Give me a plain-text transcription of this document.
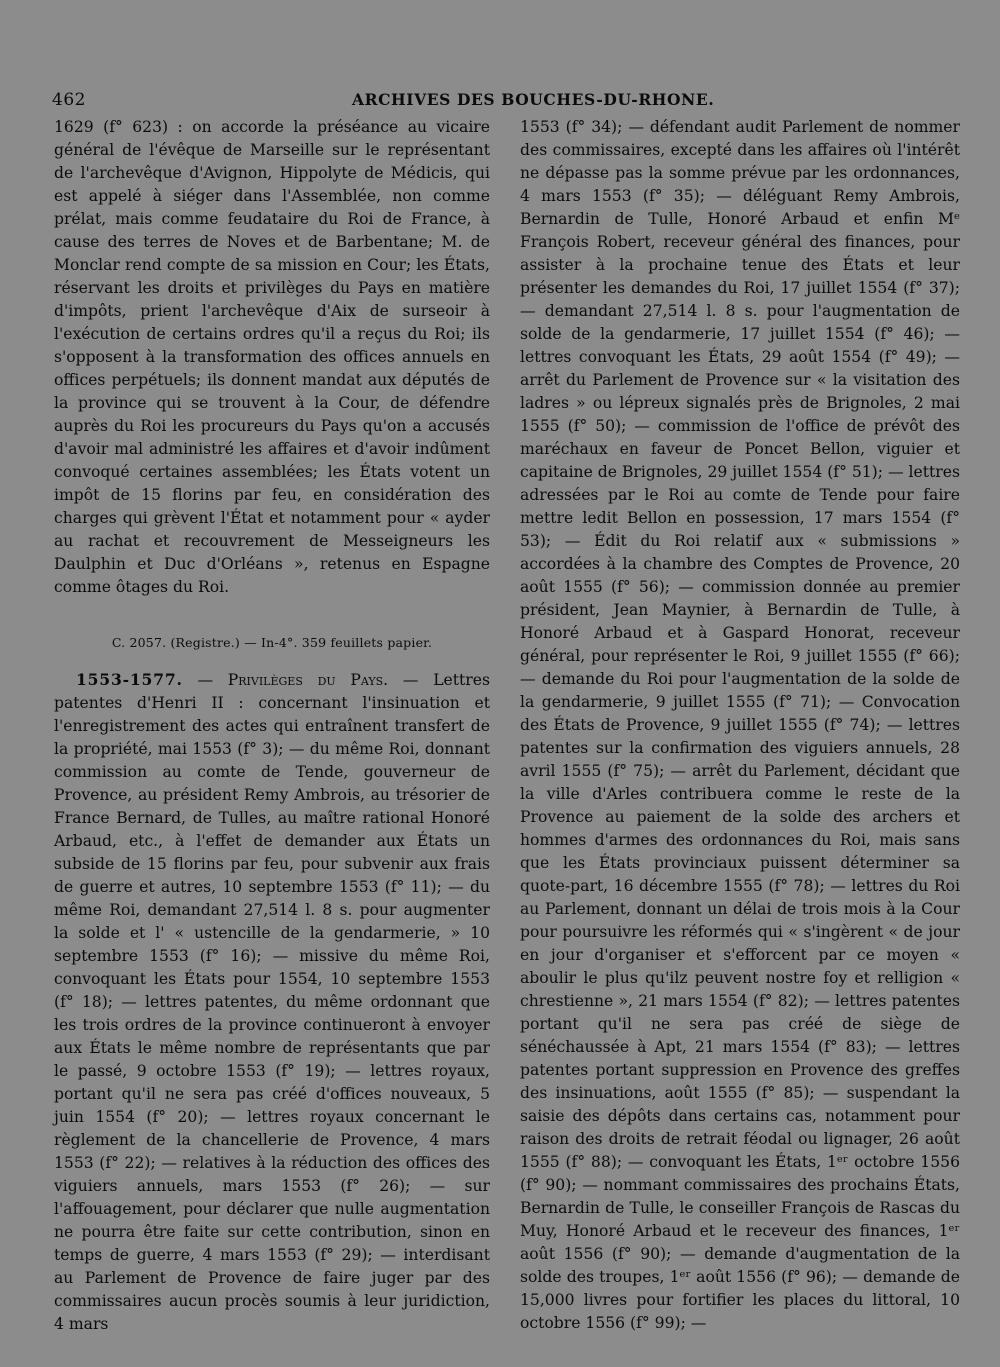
462	ARCHIVES DES BOUCHES-DU-RHONE.

1629 (f° 623) : on accorde la préséance au vicaire général de l'évêque de Marseille sur le représentant de l'archevêque d'Avignon, Hippolyte de Médicis, qui est appelé à siéger dans l'Assemblée, non comme prélat, mais comme feudataire du Roi de France, à cause des terres de Noves et de Barbentane; M. de Monclar rend compte de sa mission en Cour; les États, réservant les droits et privilèges du Pays en matière d'impôts, prient l'archevêque d'Aix de surseoir à l'exécution de certains ordres qu'il a reçus du Roi; ils s'opposent à la transformation des offices annuels en offices perpétuels; ils donnent mandat aux députés de la province qui se trouvent à la Cour, de défendre auprès du Roi les procureurs du Pays qu'on a accusés d'avoir mal administré les affaires et d'avoir indûment convoqué certaines assemblées; les États votent un impôt de 15 florins par feu, en considération des charges qui grèvent l'État et notamment pour « ayder au rachat et recouvrement de Messeigneurs les Daulphin et Duc d'Orléans », retenus en Espagne comme ôtages du Roi.

C. 2057. (Registre.) — In-4°. 359 feuillets papier.

1553-1577. — Privilèges du Pays. — Lettres patentes d'Henri II : concernant l'insinuation et l'enregistrement des actes qui entraînent transfert de la propriété, mai 1553 (f° 3); — du même Roi, donnant commission au comte de Tende, gouverneur de Provence, au président Remy Ambrois, au trésorier de France Bernard, de Tulles, au maître rational Honoré Arbaud, etc., à l'effet de demander aux États un subside de 15 florins par feu, pour subvenir aux frais de guerre et autres, 10 septembre 1553 (f° 11); — du même Roi, demandant 27,514 l. 8 s. pour augmenter la solde et l' « ustencille de la gendarmerie, » 10 septembre 1553 (f° 16); — missive du même Roi, convoquant les États pour 1554, 10 septembre 1553 (f° 18); — lettres patentes, du même ordonnant que les trois ordres de la province continueront à envoyer aux États le même nombre de représentants que par le passé, 9 octobre 1553 (f° 19); — lettres royaux, portant qu'il ne sera pas créé d'offices nouveaux, 5 juin 1554 (f° 20); — lettres royaux concernant le règlement de la chancellerie de Provence, 4 mars 1553 (f° 22); — relatives à la réduction des offices des viguiers annuels, mars 1553 (f° 26); — sur l'affouagement, pour déclarer que nulle augmentation ne pourra être faite sur cette contribution, sinon en temps de guerre, 4 mars 1553 (f° 29); — interdisant au Parlement de Provence de faire juger par des commissaires aucun procès soumis à leur juridiction, 4 mars

1553 (f° 34); — défendant audit Parlement de nommer des commissaires, excepté dans les affaires où l'intérêt ne dépasse pas la somme prévue par les ordonnances, 4 mars 1553 (f° 35); — déléguant Remy Ambrois, Bernardin de Tulle, Honoré Arbaud et enfin Mᵉ François Robert, receveur général des finances, pour assister à la prochaine tenue des États et leur présenter les demandes du Roi, 17 juillet 1554 (f° 37); — demandant 27,514 l. 8 s. pour l'augmentation de solde de la gendarmerie, 17 juillet 1554 (f° 46); — lettres convoquant les États, 29 août 1554 (f° 49); — arrêt du Parlement de Provence sur « la visitation des ladres » ou lépreux signalés près de Brignoles, 2 mai 1555 (f° 50); — commission de l'office de prévôt des maréchaux en faveur de Poncet Bellon, viguier et capitaine de Brignoles, 29 juillet 1554 (f° 51); — lettres adressées par le Roi au comte de Tende pour faire mettre ledit Bellon en possession, 17 mars 1554 (f° 53); — Édit du Roi relatif aux « submissions » accordées à la chambre des Comptes de Provence, 20 août 1555 (f° 56); — commission donnée au premier président, Jean Maynier, à Bernardin de Tulle, à Honoré Arbaud et à Gaspard Honorat, receveur général, pour représenter le Roi, 9 juillet 1555 (f° 66); — demande du Roi pour l'augmentation de la solde de la gendarmerie, 9 juillet 1555 (f° 71); — Convocation des États de Provence, 9 juillet 1555 (f° 74); — lettres patentes sur la confirmation des viguiers annuels, 28 avril 1555 (f° 75); — arrêt du Parlement, décidant que la ville d'Arles contribuera comme le reste de la Provence au paiement de la solde des archers et hommes d'armes des ordonnances du Roi, mais sans que les États provinciaux puissent déterminer sa quote-part, 16 décembre 1555 (f° 78); — lettres du Roi au Parlement, donnant un délai de trois mois à la Cour pour poursuivre les réformés qui « s'ingèrent « de jour en jour d'organiser et s'efforcent par ce moyen « aboulir le plus qu'ilz peuvent nostre foy et relligion « chrestienne », 21 mars 1554 (f° 82); — lettres patentes portant qu'il ne sera pas créé de siège de sénéchaussée à Apt, 21 mars 1554 (f° 83); — lettres patentes portant suppression en Provence des greffes des insinuations, août 1555 (f° 85); — suspendant la saisie des dépôts dans certains cas, notamment pour raison des droits de retrait féodal ou lignager, 26 août 1555 (f° 88); — convoquant les États, 1ᵉʳ octobre 1556 (f° 90); — nommant commissaires des prochains États, Bernardin de Tulle, le conseiller François de Rascas du Muy, Honoré Arbaud et le receveur des finances, 1ᵉʳ août 1556 (f° 90); — demande d'augmentation de la solde des troupes, 1ᵉʳ août 1556 (f° 96); — demande de 15,000 livres pour fortifier les places du littoral, 10 octobre 1556 (f° 99); —
